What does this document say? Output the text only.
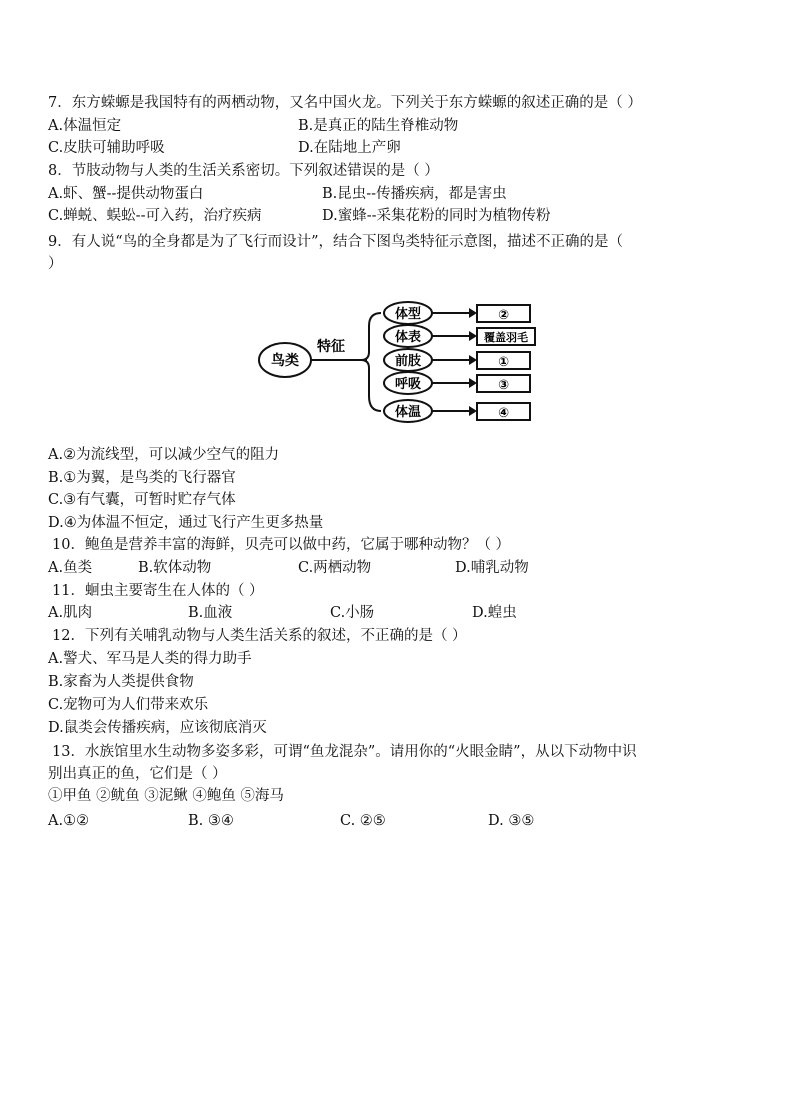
7．东方蝾螈是我国特有的两栖动物，又名中国火龙。下列关于东方蝾螈的叙述正确的是（ ）
A.体温恒定	B.是真正的陆生脊椎动物
C.皮肤可辅助呼吸	D.在陆地上产卵
8．节肢动物与人类的生活关系密切。下列叙述错误的是（ ）
A.虾、蟹--提供动物蛋白	B.昆虫--传播疾病，都是害虫
C.蝉蜕、蜈蚣--可入药，治疗疾病	D.蜜蜂--采集花粉的同时为植物传粉
9．有人说“鸟的全身都是为了飞行而设计”，结合下图鸟类特征示意图，描述不正确的是（
）
鸟类
特征
体型	②
体表	覆盖羽毛
前肢	①
呼吸	③
体温	④
A.②为流线型，可以减少空气的阻力
B.①为翼，是鸟类的飞行器官
C.③有气囊，可暂时贮存气体
D.④为体温不恒定，通过飞行产生更多热量
10．鲍鱼是营养丰富的海鲜，贝壳可以做中药，它属于哪种动物？（ ）
A.鱼类	B.软体动物	C.两栖动物	D.哺乳动物
11．蛔虫主要寄生在人体的（ ）
A.肌肉	B.血液	C.小肠	D.蝗虫
12．下列有关哺乳动物与人类生活关系的叙述，不正确的是（ ）
A.警犬、军马是人类的得力助手
B.家畜为人类提供食物
C.宠物可为人们带来欢乐
D.鼠类会传播疾病，应该彻底消灭
13．水族馆里水生动物多姿多彩，可谓“鱼龙混杂”。请用你的“火眼金睛”，从以下动物中识
别出真正的鱼，它们是（ ）
①甲鱼 ②鱿鱼 ③泥鳅 ④鲍鱼 ⑤海马
A.①②	B. ③④	C. ②⑤	D. ③⑤
